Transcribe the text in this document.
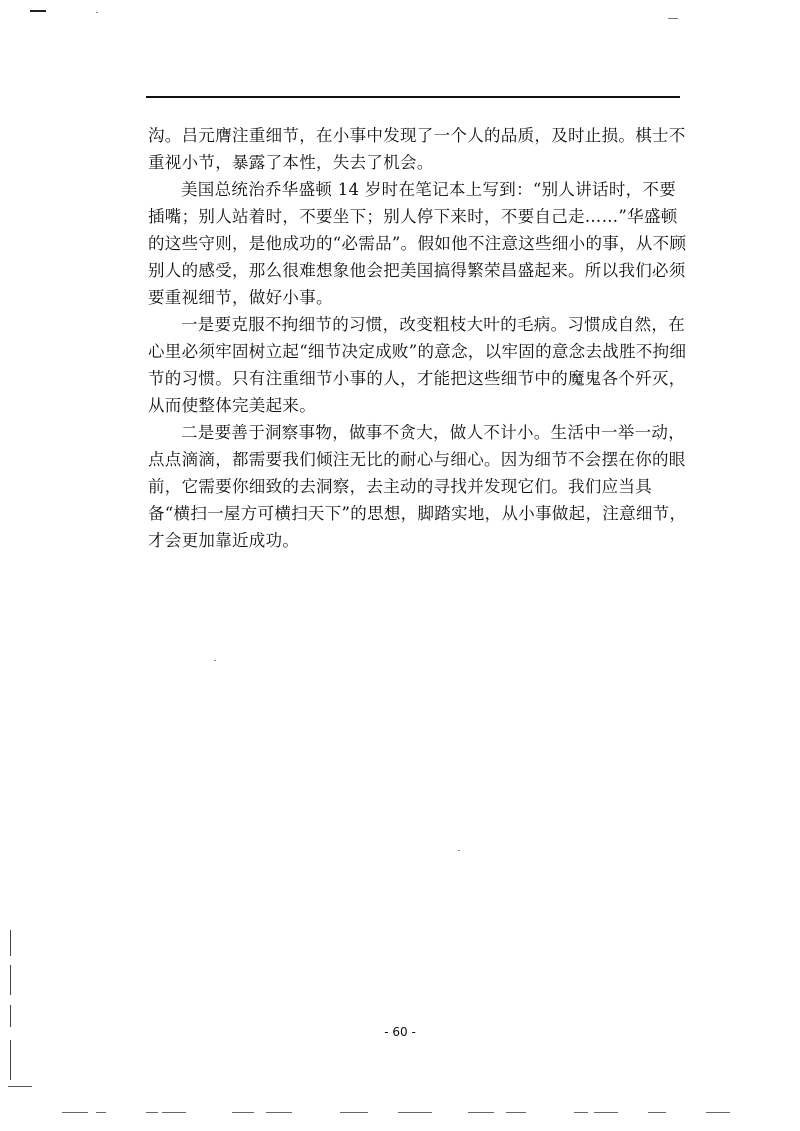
沟。吕元膺注重细节，在小事中发现了一个人的品质，及时止损。棋士不重视小节，暴露了本性，失去了机会。

美国总统治乔华盛顿 14 岁时在笔记本上写到：“别人讲话时，不要插嘴；别人站着时，不要坐下；别人停下来时，不要自己走……”华盛顿的这些守则，是他成功的“必需品”。假如他不注意这些细小的事，从不顾别人的感受，那么很难想象他会把美国搞得繁荣昌盛起来。所以我们必须要重视细节，做好小事。

一是要克服不拘细节的习惯，改变粗枝大叶的毛病。习惯成自然，在心里必须牢固树立起“细节决定成败”的意念，以牢固的意念去战胜不拘细节的习惯。只有注重细节小事的人，才能把这些细节中的魔鬼各个歼灭，从而使整体完美起来。

二是要善于洞察事物，做事不贪大，做人不计小。生活中一举一动，点点滴滴，都需要我们倾注无比的耐心与细心。因为细节不会摆在你的眼前，它需要你细致的去洞察，去主动的寻找并发现它们。我们应当具备“横扫一屋方可横扫天下”的思想，脚踏实地，从小事做起，注意细节，才会更加靠近成功。

- 60 -
